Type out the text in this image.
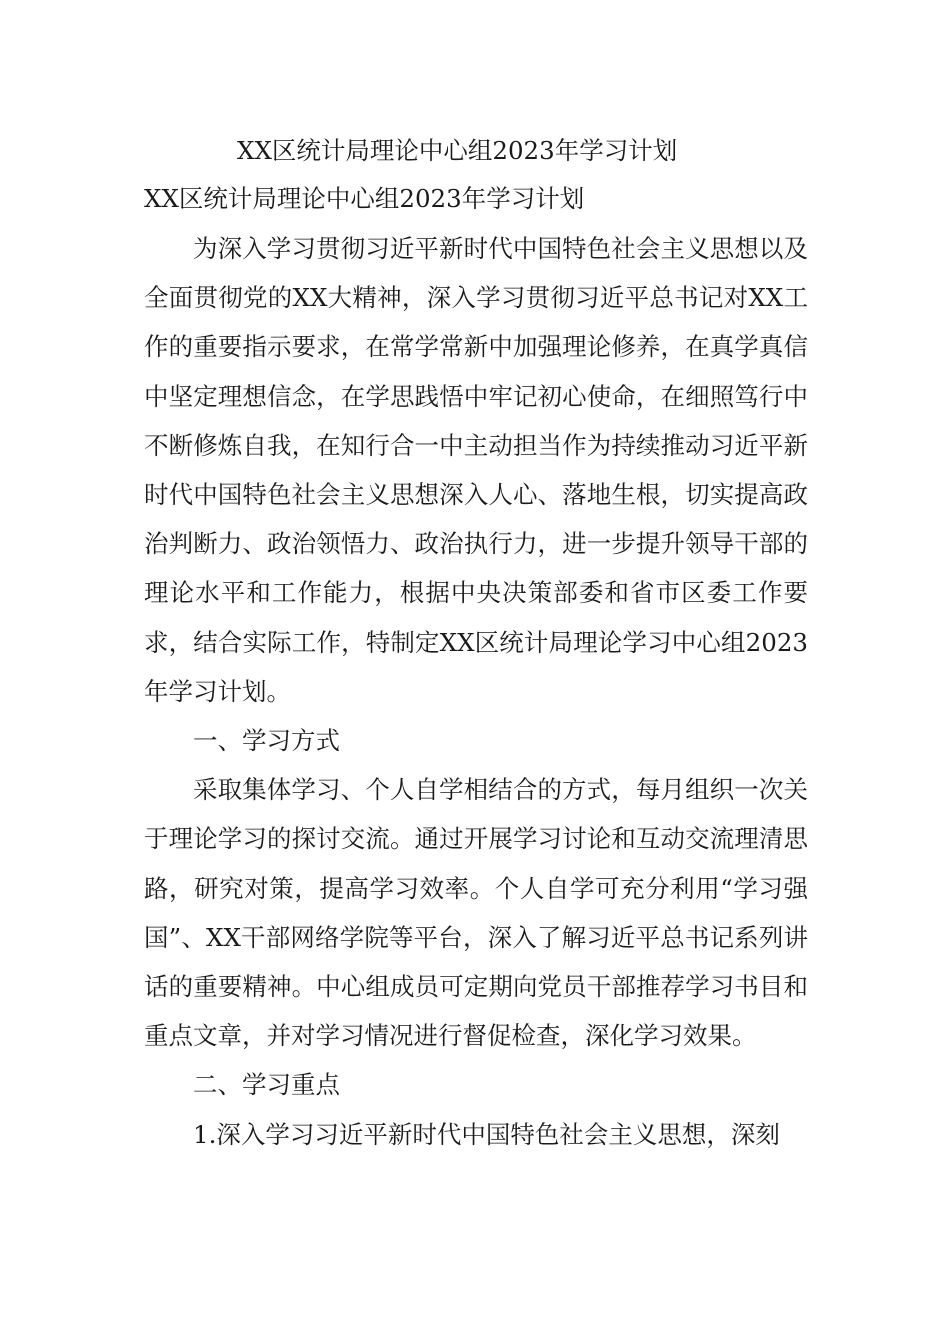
XX区统计局理论中心组2023年学习计划

XX区统计局理论中心组2023年学习计划

为深入学习贯彻习近平新时代中国特色社会主义思想以及全面贯彻党的XX大精神，深入学习贯彻习近平总书记对XX工作的重要指示要求，在常学常新中加强理论修养，在真学真信中坚定理想信念，在学思践悟中牢记初心使命，在细照笃行中不断修炼自我，在知行合一中主动担当作为持续推动习近平新时代中国特色社会主义思想深入人心、落地生根，切实提高政治判断力、政治领悟力、政治执行力，进一步提升领导干部的理论水平和工作能力，根据中央决策部委和省市区委工作要求，结合实际工作，特制定XX区统计局理论学习中心组2023年学习计划。

一、学习方式

采取集体学习、个人自学相结合的方式，每月组织一次关于理论学习的探讨交流。通过开展学习讨论和互动交流理清思路，研究对策，提高学习效率。个人自学可充分利用“学习强国”、XX干部网络学院等平台，深入了解习近平总书记系列讲话的重要精神。中心组成员可定期向党员干部推荐学习书目和重点文章，并对学习情况进行督促检查，深化学习效果。

二、学习重点

1.深入学习习近平新时代中国特色社会主义思想，深刻
